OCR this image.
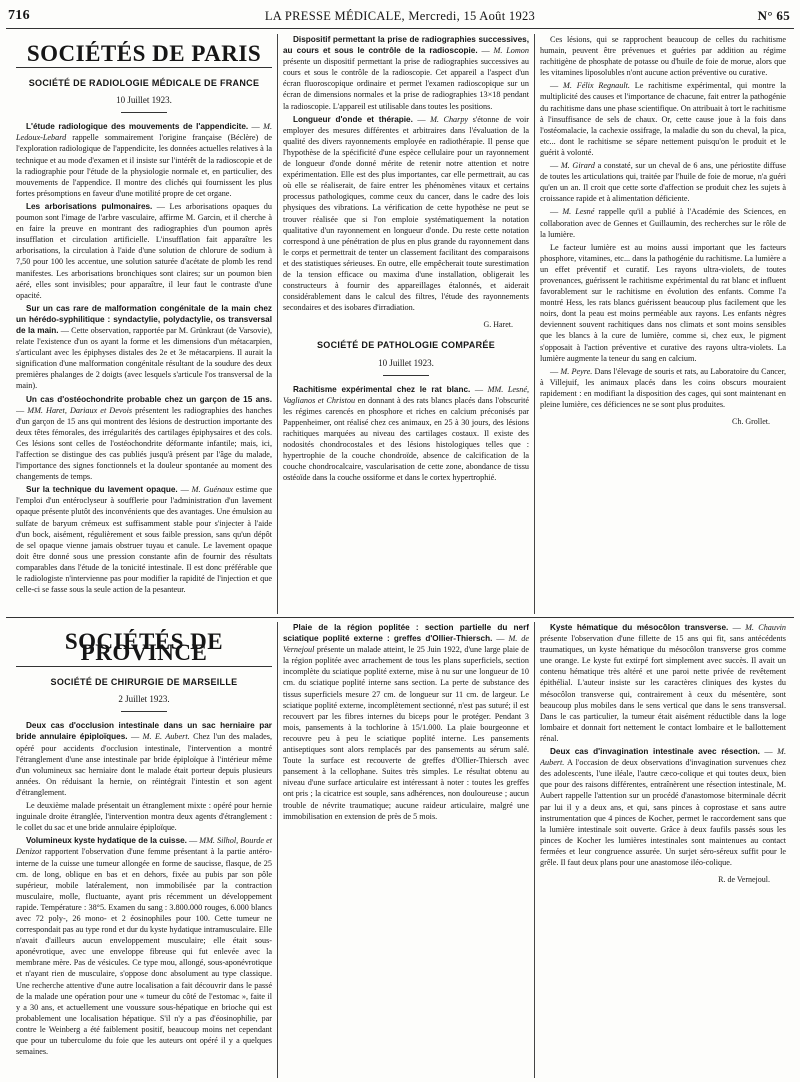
716	LA PRESSE MÉDICALE, Mercredi, 15 Août 1923	N° 65
SOCIÉTÉS DE PARIS
SOCIÉTÉ DE RADIOLOGIE MÉDICALE DE FRANCE
10 Juillet 1923.

L'étude radiologique des mouvements de l'appendicite. — M. Ledoux-Lebard rappelle sommairement l'origine française (Béclère) de l'exploration radiologique de l'appendicite, les données actuelles relatives à la technique et au mode d'examen et il insiste sur l'intérêt de la radioscopie et de la radiographie pour l'étude de la physiologie normale et, en particulier, des mouvements de l'appendice. Il montre des clichés qui fournissent les plus fortes présomptions en faveur d'une motilité propre de cet organe.

Les arborisations pulmonaires. — Les arborisations opaques du poumon sont l'image de l'arbre vasculaire, affirme M. Garcin, et il cherche à en faire la preuve en montrant des radiographies d'un poumon après insufflation et circulation artificielle. L'insufflation fait apparaître les arborisations, la circulation à l'aide d'une solution de chlorure de sodium à 7,50 pour 100 les accentue, une solution saturée d'acétate de plomb les rend manifestes. Les arborisations bronchiques sont claires; sur un poumon bien aéré, elles sont invisibles; pour apparaître, il leur faut le contraste d'une opacité.

Sur un cas rare de malformation congénitale de la main chez un hérédo-syphilitique : syndactylie, polydactylie, os transversal de la main. — Cette observation, rapportée par M. Grünkraut (de Varsovie), relate l'existence d'un os ayant la forme et les dimensions d'un métacarpien, s'articulant avec les épiphyses distales des 2e et 3e métacarpiens. Il aurait la signification d'une malformation congénitale résultant de la soudure des deux premières phalanges de 2 doigts (avec lesquels s'articule l'os transversal de la main).

Un cas d'ostéochondrite probable chez un garçon de 15 ans. — MM. Haret, Dariaux et Devois présentent les radiographies des hanches d'un garçon de 15 ans qui montrent des lésions de destruction importante des deux têtes fémorales, des irrégularités des cartilages épiphysaires et des cols. Ces lésions sont celles de l'ostéochondrite déformante infantile; mais, ici, l'affection se distingue des cas publiés jusqu'à présent par l'âge du malade, l'importance des signes fonctionnels et la douleur spontanée au moment des changements de temps.

Sur la technique du lavement opaque. — M. Guénaux estime que l'emploi d'un entéroclyseur à soufflerie pour l'administration d'un lavement opaque présente plutôt des inconvénients que des avantages. Une émulsion au sulfate de baryum crémeux est suffisamment stable pour s'injecter à l'aide d'un bock, aisément, régulièrement et sous faible pression, sans qu'un dépôt de sel opaque vienne jamais obstruer tuyau et canule. Le lavement opaque doit être donné sous une pression constante afin de fournir des résultats comparables dans l'étude de la tonicité intestinale. Il est donc préférable que le radiologiste n'intervienne pas pour modifier la rapidité de l'injection et que celle-ci se fasse sous la seule action de la pesanteur.

Dispositif permettant la prise de radiographies successives, au cours et sous le contrôle de la radioscopie. — M. Lomon présente un dispositif permettant la prise de radiographies successives au cours et sous le contrôle de la radioscopie. Cet appareil a l'aspect d'un écran fluoroscopique ordinaire et permet l'examen radioscopique sur un écran de dimensions normales et la prise de radiographies 13×18 pendant la radioscopie. L'appareil est utilisable dans toutes les positions.

Longueur d'onde et thérapie. — M. Charpy s'étonne de voir employer des mesures différentes et arbitraires dans l'évaluation de la qualité des divers rayonnements employée en radiothérapie. Il pense que l'hypothèse de la spécificité d'une espèce cellulaire pour un rayonnement de longueur d'onde donné mérite de retenir notre attention et notre expérimentation. Elle est des plus importantes, car elle permettrait, au cas où elle se réaliserait, de faire entrer les phénomènes vitaux et certains processus pathologiques, comme ceux du cancer, dans le cadre des lois physiques des vibrations. La vérification de cette hypothèse ne peut se trouver réalisée que si l'on emploie systématiquement la notation qualitative d'un rayonnement en longueur d'onde. Du reste cette notation correspond à une pénétration de plus en plus grande du rayonnement dans le corps et permettrait de tenter un classement facilitant des comparaisons et des statistiques sérieuses. En outre, elle empêcherait toute surestimation de la tension efficace ou maxima d'une installation, obligerait les constructeurs à fournir des appareillages étalonnés, et aiderait considérablement dans le calcul des filtres, l'étude des rayonnements secondaires et des isobares d'irradiation.

G. Haret.
SOCIÉTÉ DE PATHOLOGIE COMPARÉE
10 Juillet 1923.

Rachitisme expérimental chez le rat blanc. — MM. Lesné, Vaglianos et Christou en donnant à des rats blancs placés dans l'obscurité les régimes carencés en phosphore et riches en calcium préconisés par Pappenheimer, ont réalisé chez ces animaux, en 25 à 30 jours, des lésions rachitiques marquées au niveau des cartilages costaux. Il existe des nodosités chondrocostales et des lésions histologiques telles que : hypertrophie de la couche chondroïde, absence de calcification de la couche chondrocalcaire, vascularisation de cette zone, abondance de tissu ostéoïde dans la couche ossiforme et dans le cortex hypertrophié.

Ces lésions, qui se rapprochent beaucoup de celles du rachitisme humain, peuvent être prévenues et guéries par addition au régime rachitigène de phosphate de potasse ou d'huile de foie de morue, alors que les vitamines liposolubles n'ont aucune action préventive ou curative.

— M. Félix Regnault. Le rachitisme expérimental, qui montre la multiplicité des causes et l'importance de chacune, fait entrer la pathogénie du rachitisme dans une phase scientifique. On attribuait à tort le rachitisme à l'insuffisance de sels de chaux. Or, cette cause joue à la fois dans l'ostéomalacie, la cachexie ossifrage, la maladie du son du cheval, la pica, etc... dont le rachitisme se sépare nettement puisqu'on le produit et le guérit à volonté.

— M. Girard a constaté, sur un cheval de 6 ans, une périostite diffuse de toutes les articulations qui, traitée par l'huile de foie de morue, n'a guéri qu'en un an. Il croit que cette sorte d'affection se produit chez les sujets à croissance rapide et à alimentation déficiente.

— M. Lesné rappelle qu'il a publié à l'Académie des Sciences, en collaboration avec de Gennes et Guillaumin, des recherches sur le rôle de la lumière.

Le facteur lumière est au moins aussi important que les facteurs phosphore, vitamines, etc... dans la pathogénie du rachitisme. La lumière a un effet préventif et curatif. Les rayons ultra-violets, de toutes provenances, guérissent le rachitisme expérimental du rat blanc et influent favorablement sur le rachitisme en évolution des enfants. Comme l'a montré Hess, les rats blancs guérissent beaucoup plus facilement que les noirs, dont la peau est moins perméable aux rayons. Les enfants nègres deviennent souvent rachitiques dans nos climats et sont moins sensibles que les blancs à la cure de lumière, comme si, chez eux, le pigment s'opposait à l'action préventive et curative des rayons ultra-violets. La lumière augmente la teneur du sang en calcium.

— M. Peyre. Dans l'élevage de souris et rats, au Laboratoire du Cancer, à Villejuif, les animaux placés dans les coins obscurs mouraient rapidement : en modifiant la disposition des cages, qui sont maintenant en pleine lumière, ces déficiences ne se sont plus produites.

Ch. Grollet.
SOCIÉTÉS DE PROVINCE
SOCIÉTÉ DE CHIRURGIE DE MARSEILLE
2 Juillet 1923.

Deux cas d'occlusion intestinale dans un sac herniaire par bride annulaire épiploïques. — M. E. Aubert. Chez l'un des malades, opéré pour accidents d'occlusion intestinale, l'intervention a montré l'étranglement d'une anse intestinale par bride épiploïque à l'intérieur même d'un volumineux sac herniaire dont le malade était porteur depuis plusieurs années. On réduisant la hernie, on réintégrait l'intestin et son agent d'étranglement.

Le deuxième malade présentait un étranglement mixte : opéré pour hernie inguinale droite étranglée, l'intervention montra deux agents d'étranglement : le collet du sac et une bride annulaire épiploïque.

Volumineux kyste hydatique de la cuisse. — MM. Silhol, Bourde et Denizot rapportent l'observation d'une femme présentant à la partie antéro-interne de la cuisse une tumeur allongée en forme de saucisse, flasque, de 25 cm. de long, oblique en bas et en dehors, fixée au pubis par son pôle supérieur, mobile latéralement, non immobilisée par la contraction musculaire, molle, fluctuante, ayant pris récemment un développement rapide. Température : 38°5. Examen du sang : 3.800.000 rouges, 6.000 blancs avec 72 poly-, 26 mono- et 2 éosinophiles pour 100. Cette tumeur ne correspondait pas au type rond et dur du kyste hydatique intramusculaire. Elle n'avait d'ailleurs aucun enveloppement musculaire; elle était sous-aponévrotique, avec une enveloppe fibreuse qui fut enlevée avec la membrane mère. Pas de vésicules. Ce type mou, allongé, sous-aponévrotique et n'ayant rien de musculaire, s'oppose donc absolument au type classique. Une recherche attentive d'une autre localisation a fait découvrir dans le passé de la malade une opération pour une « tumeur du côté de l'estomac », faite il y a 30 ans, et actuellement une voussure sous-hépatique en brioche qui est probablement une localisation hépatique. S'il n'y a pas d'éosinophilie, par contre le Weinberg a été faiblement positif, beaucoup moins net cependant que pour un tuberculome du foie que les auteurs ont opéré il y a quelques semaines.

Plaie de la région poplitée : section partielle du nerf sciatique poplité externe : greffes d'Ollier-Thiersch. — M. de Vernejoul présente un malade atteint, le 25 Juin 1922, d'une large plaie de la région poplitée avec arrachement de tous les plans superficiels, section incomplète du sciatique poplité externe, mise à nu sur une longueur de 10 cm. du sciatique poplité interne sans section. La perte de substance des tissus superficiels mesure 27 cm. de longueur sur 11 cm. de largeur. Le sciatique poplité externe, incomplètement sectionné, n'est pas suturé; il est recouvert par les fibres internes du biceps pour le protéger. Pendant 3 mois, pansements à la tochlorine à 15/1.000. La plaie bourgeonne et recouvre peu à peu le sciatique poplité interne. Les pansements antiseptiques sont alors remplacés par des pansements au sérum salé. Toute la surface est recouverte de greffes d'Ollier-Thiersch avec pansement à la cellophane. Suites très simples. Le résultat obtenu au niveau d'une surface articulaire est intéressant à noter : toutes les greffes ont pris ; la cicatrice est souple, sans adhérences, non douloureuse ; aucun trouble de névrite traumatique; aucune raideur articulaire, malgré une immobilisation en extension de près de 5 mois.

Kyste hématique du mésocôlon transverse. — M. Chauvin présente l'observation d'une fillette de 15 ans qui fit, sans antécédents traumatiques, un kyste hématique du mésocôlon transverse gros comme une orange. Le kyste fut extirpé fort simplement avec succès. Il avait un contenu hématique très altéré et une paroi nette privée de revêtement épithélial. L'auteur insiste sur les caractères cliniques des kystes du mésocôlon transverse qui, contrairement à ceux du mésentère, sont beaucoup plus mobiles dans le sens vertical que dans le sens transversal. Dans le cas particulier, la tumeur était aisément réductible dans la loge lombaire et donnait fort nettement le contact lombaire et le ballottement rénal.

Deux cas d'invagination intestinale avec résection. — M. Aubert. A l'occasion de deux observations d'invagination survenues chez des adolescents, l'une iléale, l'autre cæco-colique et qui toutes deux, bien que pour des raisons différentes, entraînèrent une résection intestinale, M. Aubert rappelle l'attention sur un procédé d'anastomose biterminale décrit par lui il y a deux ans, et qui, sans pinces à coprostase et sans autre instrumentation que 4 pinces de Kocher, permet le raccordement sans que la lumière intestinale soit ouverte. Grâce à deux faufils passés sous les pinces de Kocher les lumières intestinales sont maintenues au contact fermées et leur congruence assurée. Un surjet séro-séreux suffit pour le grêle. Il faut deux plans pour une anastomose iléo-colique.

R. de Vernejoul.
